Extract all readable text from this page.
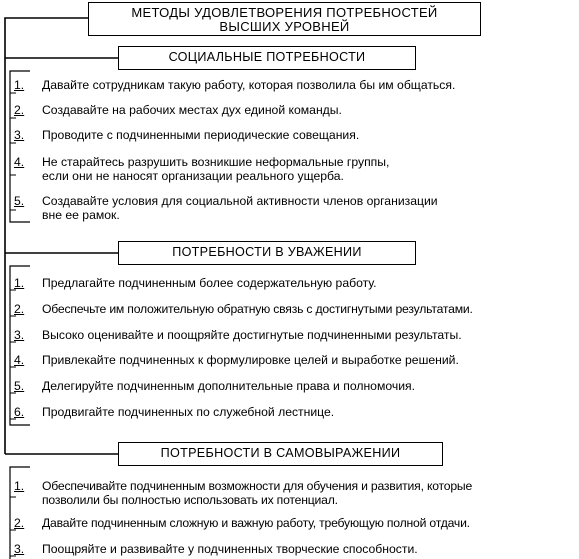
МЕТОДЫ УДОВЛЕТВОРЕНИЯ ПОТРЕБНОСТЕЙ
ВЫСШИХ УРОВНЕЙ
СОЦИАЛЬНЫЕ ПОТРЕБНОСТИ
1.	Давайте сотрудникам такую работу, которая позволила бы им общаться.
2.	Создавайте на рабочих местах дух единой команды.
3.	Проводите с подчиненными периодические совещания.
4.	Не старайтесь разрушить возникшие неформальные группы,
если они не наносят организации реального ущерба.
5.	Создавайте условия для социальной активности членов организации
вне ее рамок.
ПОТРЕБНОСТИ В УВАЖЕНИИ
1.	Предлагайте подчиненным более содержательную работу.
2.	Обеспечьте им положительную обратную связь с достигнутыми результатами.
3.	Высоко оценивайте и поощряйте достигнутые подчиненными результаты.
4.	Привлекайте подчиненных к формулировке целей и выработке решений.
5.	Делегируйте подчиненным дополнительные права и полномочия.
6.	Продвигайте подчиненных по служебной лестнице.
ПОТРЕБНОСТИ В САМОВЫРАЖЕНИИ
1.	Обеспечивайте подчиненным возможности для обучения и развития, которые
позволили бы полностью использовать их потенциал.
2.	Давайте подчиненным сложную и важную работу, требующую полной отдачи.
3.	Поощряйте и развивайте у подчиненных творческие способности.
